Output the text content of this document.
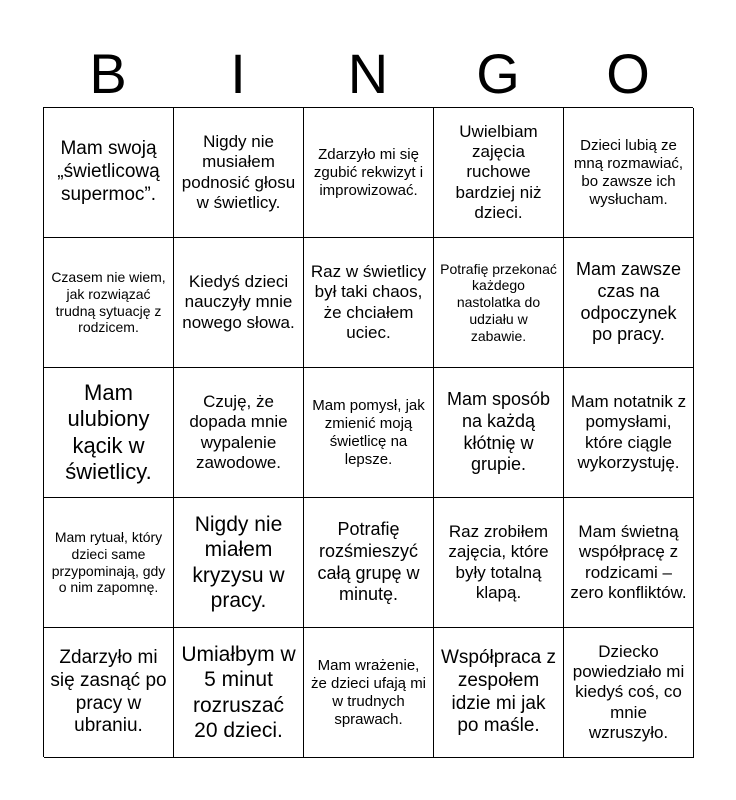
B	I	N	G	O
Mam swoją „świetlicową supermoc”.
Nigdy nie musiałem podnosić głosu w świetlicy.
Zdarzyło mi się zgubić rekwizyt i improwizować.
Uwielbiam zajęcia ruchowe bardziej niż dzieci.
Dzieci lubią ze mną rozmawiać, bo zawsze ich wysłucham.
Czasem nie wiem, jak rozwiązać trudną sytuację z rodzicem.
Kiedyś dzieci nauczyły mnie nowego słowa.
Raz w świetlicy był taki chaos, że chciałem uciec.
Potrafię przekonać każdego nastolatka do udziału w zabawie.
Mam zawsze czas na odpoczynek po pracy.
Mam ulubiony kącik w świetlicy.
Czuję, że dopada mnie wypalenie zawodowe.
Mam pomysł, jak zmienić moją świetlicę na lepsze.
Mam sposób na każdą kłótnię w grupie.
Mam notatnik z pomysłami, które ciągle wykorzystuję.
Mam rytuał, który dzieci same przypominają, gdy o nim zapomnę.
Nigdy nie miałem kryzysu w pracy.
Potrafię rozśmieszyć całą grupę w minutę.
Raz zrobiłem zajęcia, które były totalną klapą.
Mam świetną współpracę z rodzicami – zero konfliktów.
Zdarzyło mi się zasnąć po pracy w ubraniu.
Umiałbym w 5 minut rozruszać 20 dzieci.
Mam wrażenie, że dzieci ufają mi w trudnych sprawach.
Współpraca z zespołem idzie mi jak po maśle.
Dziecko powiedziało mi kiedyś coś, co mnie wzruszyło.
